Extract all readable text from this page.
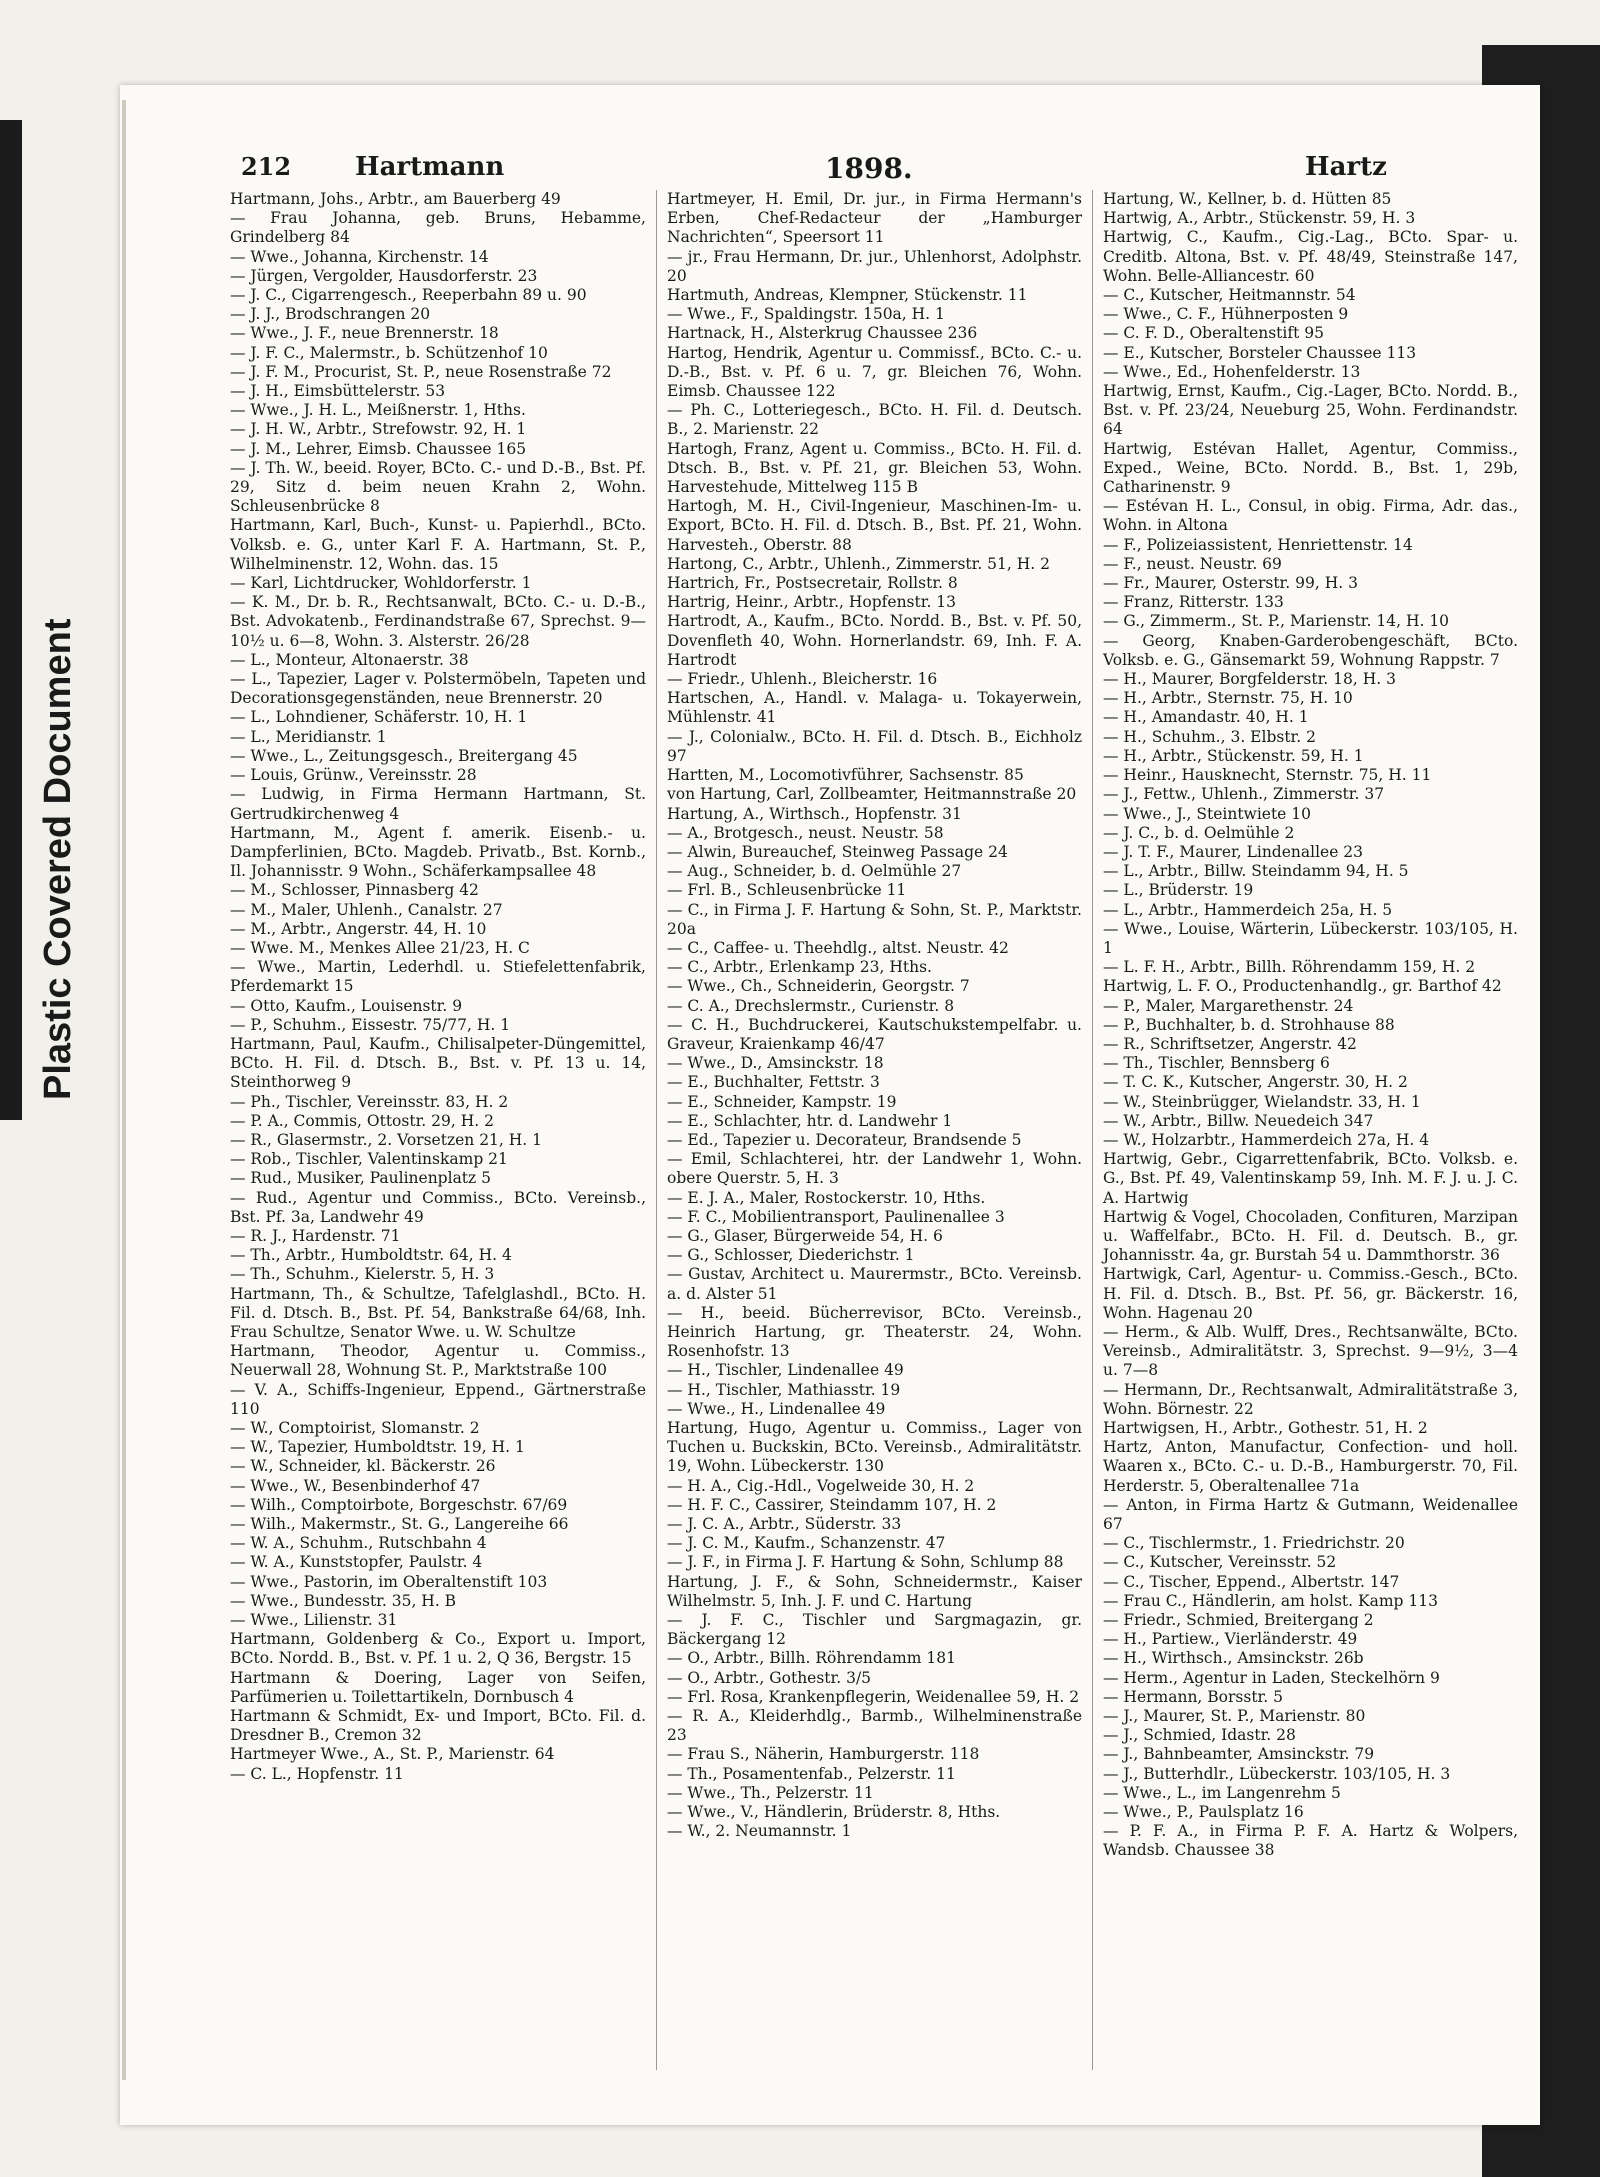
Plastic Covered Document
212 Hartmann	1898.	Hartz

Hartmann, Johs., Arbtr., am Bauerberg 49

— Frau Johanna, geb. Bruns, Hebamme, Grindelberg 84

— Wwe., Johanna, Kirchenstr. 14

— Jürgen, Vergolder, Hausdorferstr. 23

— J. C., Cigarrengesch., Reeperbahn 89 u. 90

— J. J., Brodschrangen 20

— Wwe., J. F., neue Brennerstr. 18

— J. F. C., Malermstr., b. Schützenhof 10

— J. F. M., Procurist, St. P., neue Rosenstraße 72

— J. H., Eimsbüttelerstr. 53

— Wwe., J. H. L., Meißnerstr. 1, Hths.

— J. H. W., Arbtr., Strefowstr. 92, H. 1

— J. M., Lehrer, Eimsb. Chaussee 165

— J. Th. W., beeid. Royer, BCto. C.- und D.-B., Bst. Pf. 29, Sitz d. beim neuen Krahn 2, Wohn. Schleusenbrücke 8

Hartmann, Karl, Buch-, Kunst- u. Papierhdl., BCto. Volksb. e. G., unter Karl F. A. Hartmann, St. P., Wilhelminenstr. 12, Wohn. das. 15

— Karl, Lichtdrucker, Wohldorferstr. 1

— K. M., Dr. b. R., Rechtsanwalt, BCto. C.- u. D.-B., Bst. Advokatenb., Ferdinandstraße 67, Sprechst. 9—10½ u. 6—8, Wohn. 3. Alsterstr. 26/28

— L., Monteur, Altonaerstr. 38

— L., Tapezier, Lager v. Polstermöbeln, Tapeten und Decorationsgegenständen, neue Brennerstr. 20

— L., Lohndiener, Schäferstr. 10, H. 1

— L., Meridianstr. 1

— Wwe., L., Zeitungsgesch., Breitergang 45

— Louis, Grünw., Vereinsstr. 28

— Ludwig, in Firma Hermann Hartmann, St. Gertrudkirchenweg 4

Hartmann, M., Agent f. amerik. Eisenb.- u. Dampferlinien, BCto. Magdeb. Privatb., Bst. Kornb., Il. Johannisstr. 9 Wohn., Schäferkampsallee 48

— M., Schlosser, Pinnasberg 42

— M., Maler, Uhlenh., Canalstr. 27

— M., Arbtr., Angerstr. 44, H. 10

— Wwe. M., Menkes Allee 21/23, H. C

— Wwe., Martin, Lederhdl. u. Stiefelettenfabrik, Pferdemarkt 15

— Otto, Kaufm., Louisenstr. 9

— P., Schuhm., Eissestr. 75/77, H. 1

Hartmann, Paul, Kaufm., Chilisalpeter-Düngemittel, BCto. H. Fil. d. Dtsch. B., Bst. v. Pf. 13 u. 14, Steinthorweg 9

— Ph., Tischler, Vereinsstr. 83, H. 2

— P. A., Commis, Ottostr. 29, H. 2

— R., Glasermstr., 2. Vorsetzen 21, H. 1

— Rob., Tischler, Valentinskamp 21

— Rud., Musiker, Paulinenplatz 5

— Rud., Agentur und Commiss., BCto. Vereinsb., Bst. Pf. 3a, Landwehr 49

— R. J., Hardenstr. 71

— Th., Arbtr., Humboldtstr. 64, H. 4

— Th., Schuhm., Kielerstr. 5, H. 3

Hartmann, Th., & Schultze, Tafelglashdl., BCto. H. Fil. d. Dtsch. B., Bst. Pf. 54, Bankstraße 64/68, Inh. Frau Schultze, Senator Wwe. u. W. Schultze

Hartmann, Theodor, Agentur u. Commiss., Neuerwall 28, Wohnung St. P., Marktstraße 100

— V. A., Schiffs-Ingenieur, Eppend., Gärtnerstraße 110

— W., Comptoirist, Slomanstr. 2

— W., Tapezier, Humboldtstr. 19, H. 1

— W., Schneider, kl. Bäckerstr. 26

— Wwe., W., Besenbinderhof 47

— Wilh., Comptoirbote, Borgeschstr. 67/69

— Wilh., Makermstr., St. G., Langereihe 66

— W. A., Schuhm., Rutschbahn 4

— W. A., Kunststopfer, Paulstr. 4

— Wwe., Pastorin, im Oberaltenstift 103

— Wwe., Bundesstr. 35, H. B

— Wwe., Lilienstr. 31

Hartmann, Goldenberg & Co., Export u. Import, BCto. Nordd. B., Bst. v. Pf. 1 u. 2, Q 36, Bergstr. 15

Hartmann & Doering, Lager von Seifen, Parfümerien u. Toilettartikeln, Dornbusch 4

Hartmann & Schmidt, Ex- und Import, BCto. Fil. d. Dresdner B., Cremon 32

Hartmeyer Wwe., A., St. P., Marienstr. 64

— C. L., Hopfenstr. 11

Hartmeyer, H. Emil, Dr. jur., in Firma Hermann's Erben, Chef-Redacteur der „Hamburger Nachrichten“, Speersort 11

— jr., Frau Hermann, Dr. jur., Uhlenhorst, Adolphstr. 20

Hartmuth, Andreas, Klempner, Stückenstr. 11

— Wwe., F., Spaldingstr. 150a, H. 1

Hartnack, H., Alsterkrug Chaussee 236

Hartog, Hendrik, Agentur u. Commissf., BCto. C.- u. D.-B., Bst. v. Pf. 6 u. 7, gr. Bleichen 76, Wohn. Eimsb. Chaussee 122

— Ph. C., Lotteriegesch., BCto. H. Fil. d. Deutsch. B., 2. Marienstr. 22

Hartogh, Franz, Agent u. Commiss., BCto. H. Fil. d. Dtsch. B., Bst. v. Pf. 21, gr. Bleichen 53, Wohn. Harvestehude, Mittelweg 115 B

Hartogh, M. H., Civil-Ingenieur, Maschinen-Im- u. Export, BCto. H. Fil. d. Dtsch. B., Bst. Pf. 21, Wohn. Harvesteh., Oberstr. 88

Hartong, C., Arbtr., Uhlenh., Zimmerstr. 51, H. 2

Hartrich, Fr., Postsecretair, Rollstr. 8

Hartrig, Heinr., Arbtr., Hopfenstr. 13

Hartrodt, A., Kaufm., BCto. Nordd. B., Bst. v. Pf. 50, Dovenfleth 40, Wohn. Hornerlandstr. 69, Inh. F. A. Hartrodt

— Friedr., Uhlenh., Bleicherstr. 16

Hartschen, A., Handl. v. Malaga- u. Tokayerwein, Mühlenstr. 41

— J., Colonialw., BCto. H. Fil. d. Dtsch. B., Eichholz 97

Hartten, M., Locomotivführer, Sachsenstr. 85

von Hartung, Carl, Zollbeamter, Heitmannstraße 20

Hartung, A., Wirthsch., Hopfenstr. 31

— A., Brotgesch., neust. Neustr. 58

— Alwin, Bureauchef, Steinweg Passage 24

— Aug., Schneider, b. d. Oelmühle 27

— Frl. B., Schleusenbrücke 11

— C., in Firma J. F. Hartung & Sohn, St. P., Marktstr. 20a

— C., Caffee- u. Theehdlg., altst. Neustr. 42

— C., Arbtr., Erlenkamp 23, Hths.

— Wwe., Ch., Schneiderin, Georgstr. 7

— C. A., Drechslermstr., Curienstr. 8

— C. H., Buchdruckerei, Kautschukstempelfabr. u. Graveur, Kraienkamp 46/47

— Wwe., D., Amsinckstr. 18

— E., Buchhalter, Fettstr. 3

— E., Schneider, Kampstr. 19

— E., Schlachter, htr. d. Landwehr 1

— Ed., Tapezier u. Decorateur, Brandsende 5

— Emil, Schlachterei, htr. der Landwehr 1, Wohn. obere Querstr. 5, H. 3

— E. J. A., Maler, Rostockerstr. 10, Hths.

— F. C., Mobilientransport, Paulinenallee 3

— G., Glaser, Bürgerweide 54, H. 6

— G., Schlosser, Diederichstr. 1

— Gustav, Architect u. Maurermstr., BCto. Vereinsb. a. d. Alster 51

— H., beeid. Bücherrevisor, BCto. Vereinsb., Heinrich Hartung, gr. Theaterstr. 24, Wohn. Rosenhofstr. 13

— H., Tischler, Lindenallee 49

— H., Tischler, Mathiasstr. 19

— Wwe., H., Lindenallee 49

Hartung, Hugo, Agentur u. Commiss., Lager von Tuchen u. Buckskin, BCto. Vereinsb., Admiralitätstr. 19, Wohn. Lübeckerstr. 130

— H. A., Cig.-Hdl., Vogelweide 30, H. 2

— H. F. C., Cassirer, Steindamm 107, H. 2

— J. C. A., Arbtr., Süderstr. 33

— J. C. M., Kaufm., Schanzenstr. 47

— J. F., in Firma J. F. Hartung & Sohn, Schlump 88

Hartung, J. F., & Sohn, Schneidermstr., Kaiser Wilhelmstr. 5, Inh. J. F. und C. Hartung

— J. F. C., Tischler und Sargmagazin, gr. Bäckergang 12

— O., Arbtr., Billh. Röhrendamm 181

— O., Arbtr., Gothestr. 3/5

— Frl. Rosa, Krankenpflegerin, Weidenallee 59, H. 2

— R. A., Kleiderhdlg., Barmb., Wilhelminenstraße 23

— Frau S., Näherin, Hamburgerstr. 118

— Th., Posamentenfab., Pelzerstr. 11

— Wwe., Th., Pelzerstr. 11

— Wwe., V., Händlerin, Brüderstr. 8, Hths.

— W., 2. Neumannstr. 1

Hartung, W., Kellner, b. d. Hütten 85

Hartwig, A., Arbtr., Stückenstr. 59, H. 3

Hartwig, C., Kaufm., Cig.-Lag., BCto. Spar- u. Creditb. Altona, Bst. v. Pf. 48/49, Steinstraße 147, Wohn. Belle-Alliancestr. 60

— C., Kutscher, Heitmannstr. 54

— Wwe., C. F., Hühnerposten 9

— C. F. D., Oberaltenstift 95

— E., Kutscher, Borsteler Chaussee 113

— Wwe., Ed., Hohenfelderstr. 13

Hartwig, Ernst, Kaufm., Cig.-Lager, BCto. Nordd. B., Bst. v. Pf. 23/24, Neueburg 25, Wohn. Ferdinandstr. 64

Hartwig, Estévan Hallet, Agentur, Commiss., Exped., Weine, BCto. Nordd. B., Bst. 1, 29b, Catharinenstr. 9

— Estévan H. L., Consul, in obig. Firma, Adr. das., Wohn. in Altona

— F., Polizeiassistent, Henriettenstr. 14

— F., neust. Neustr. 69

— Fr., Maurer, Osterstr. 99, H. 3

— Franz, Ritterstr. 133

— G., Zimmerm., St. P., Marienstr. 14, H. 10

— Georg, Knaben-Garderobengeschäft, BCto. Volksb. e. G., Gänsemarkt 59, Wohnung Rappstr. 7

— H., Maurer, Borgfelderstr. 18, H. 3

— H., Arbtr., Sternstr. 75, H. 10

— H., Amandastr. 40, H. 1

— H., Schuhm., 3. Elbstr. 2

— H., Arbtr., Stückenstr. 59, H. 1

— Heinr., Hausknecht, Sternstr. 75, H. 11

— J., Fettw., Uhlenh., Zimmerstr. 37

— Wwe., J., Steintwiete 10

— J. C., b. d. Oelmühle 2

— J. T. F., Maurer, Lindenallee 23

— L., Arbtr., Billw. Steindamm 94, H. 5

— L., Brüderstr. 19

— L., Arbtr., Hammerdeich 25a, H. 5

— Wwe., Louise, Wärterin, Lübeckerstr. 103/105, H. 1

— L. F. H., Arbtr., Billh. Röhrendamm 159, H. 2

Hartwig, L. F. O., Productenhandlg., gr. Barthof 42

— P., Maler, Margarethenstr. 24

— P., Buchhalter, b. d. Strohhause 88

— R., Schriftsetzer, Angerstr. 42

— Th., Tischler, Bennsberg 6

— T. C. K., Kutscher, Angerstr. 30, H. 2

— W., Steinbrügger, Wielandstr. 33, H. 1

— W., Arbtr., Billw. Neuedeich 347

— W., Holzarbtr., Hammerdeich 27a, H. 4

Hartwig, Gebr., Cigarrettenfabrik, BCto. Volksb. e. G., Bst. Pf. 49, Valentinskamp 59, Inh. M. F. J. u. J. C. A. Hartwig

Hartwig & Vogel, Chocoladen, Confituren, Marzipan u. Waffelfabr., BCto. H. Fil. d. Deutsch. B., gr. Johannisstr. 4a, gr. Burstah 54 u. Dammthorstr. 36

Hartwigk, Carl, Agentur- u. Commiss.-Gesch., BCto. H. Fil. d. Dtsch. B., Bst. Pf. 56, gr. Bäckerstr. 16, Wohn. Hagenau 20

— Herm., & Alb. Wulff, Dres., Rechtsanwälte, BCto. Vereinsb., Admiralitätstr. 3, Sprechst. 9—9½, 3—4 u. 7—8

— Hermann, Dr., Rechtsanwalt, Admiralitätstraße 3, Wohn. Börnestr. 22

Hartwigsen, H., Arbtr., Gothestr. 51, H. 2

Hartz, Anton, Manufactur, Confection- und holl. Waaren x., BCto. C.- u. D.-B., Hamburgerstr. 70, Fil. Herderstr. 5, Oberaltenallee 71a

— Anton, in Firma Hartz & Gutmann, Weidenallee 67

— C., Tischlermstr., 1. Friedrichstr. 20

— C., Kutscher, Vereinsstr. 52

— C., Tischer, Eppend., Albertstr. 147

— Frau C., Händlerin, am holst. Kamp 113

— Friedr., Schmied, Breitergang 2

— H., Partiew., Vierländerstr. 49

— H., Wirthsch., Amsinckstr. 26b

— Herm., Agentur in Laden, Steckelhörn 9

— Hermann, Borsstr. 5

— J., Maurer, St. P., Marienstr. 80

— J., Schmied, Idastr. 28

— J., Bahnbeamter, Amsinckstr. 79

— J., Butterhdlr., Lübeckerstr. 103/105, H. 3

— Wwe., L., im Langenrehm 5

— Wwe., P., Paulsplatz 16

— P. F. A., in Firma P. F. A. Hartz & Wolpers, Wandsb. Chaussee 38
